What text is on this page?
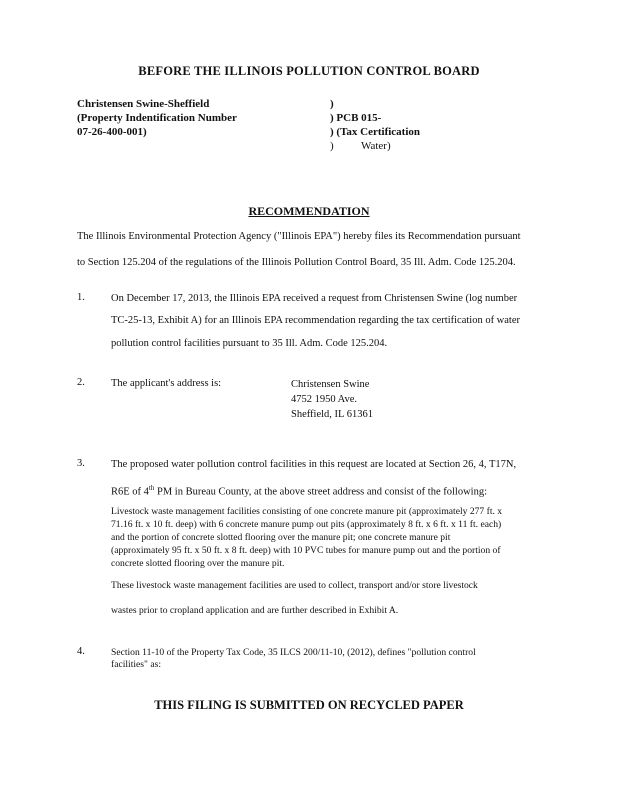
BEFORE THE ILLINOIS POLLUTION CONTROL BOARD
Christensen Swine-Sheffield
(Property Indentification Number
07-26-400-001)
)
) PCB 015-
) (Tax Certification
)          Water)
RECOMMENDATION
The Illinois Environmental Protection Agency ("Illinois EPA") hereby files its Recommendation pursuant
to Section 125.204 of the regulations of the Illinois Pollution Control Board, 35 Ill. Adm. Code 125.204.
1. On December 17, 2013, the Illinois EPA received a request from Christensen Swine (log number
TC-25-13, Exhibit A) for an Illinois EPA recommendation regarding the tax certification of water
pollution control facilities pursuant to 35 Ill. Adm. Code 125.204.
2. The applicant's address is:	Christensen Swine
4752 1950 Ave.
Sheffield, IL 61361
3. The proposed water pollution control facilities in this request are located at Section 26, 4, T17N,
R6E of 4th PM in Bureau County, at the above street address and consist of the following:
Livestock waste management facilities consisting of one concrete manure pit (approximately 277 ft. x
71.16 ft. x 10 ft. deep) with 6 concrete manure pump out pits (approximately 8 ft. x 6 ft. x 11 ft. each)
and the portion of concrete slotted flooring over the manure pit; one concrete manure pit
(approximately 95 ft. x 50 ft. x 8 ft. deep) with 10 PVC tubes for manure pump out and the portion of
concrete slotted flooring over the manure pit.
These livestock waste management facilities are used to collect, transport and/or store livestock
wastes prior to cropland application and are further described in Exhibit A.
4.	Section 11-10 of the Property Tax Code, 35 ILCS 200/11-10, (2012), defines "pollution control
facilities" as:
THIS FILING IS SUBMITTED ON RECYCLED PAPER
